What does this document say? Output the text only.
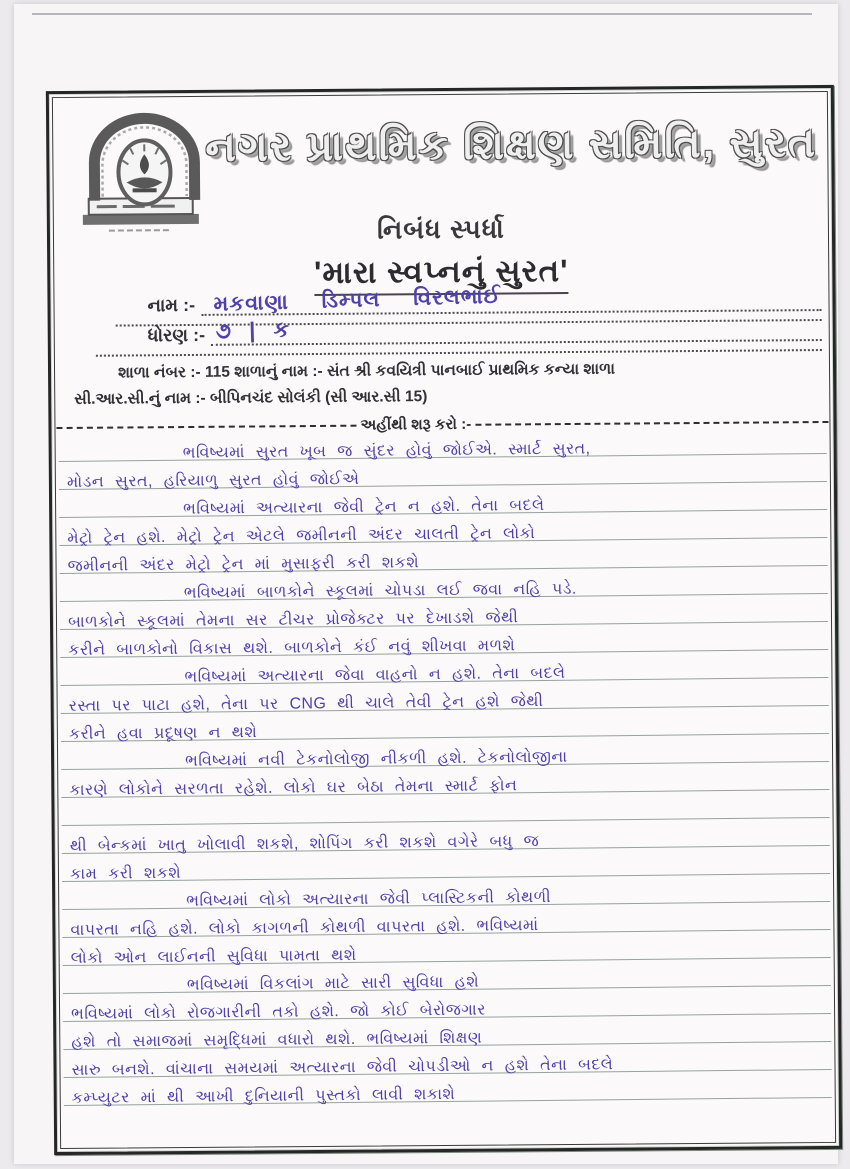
નગર પ્રાથમિક શિક્ષણ સમિતિ, સુરત
નિબંધ સ્પર્ધા
'મારા સ્વપ્નનું સુરત'
નામ :- મકવાણા ડિમ્પલ વિરલભાઈ
ધોરણ :- ૭ | ક
શાળા નંબર :- 115 શાળાનું નામ :- સંત શ્રી કવયિત્રી પાનબાઈ પ્રાથમિક કન્યા શાળા
સી.આર.સી.નું નામ :- બીપિનચંદ સોલંકી (સી આર.સી 15)
અહીંથી શરૂ કરો :-
ભવિષ્યમાં સુરત ખૂબ જ સુંદર હોવું જોઈએ. સ્માર્ટ સુરત,
મોડન સુરત, હરિયાળુ સુરત હોવું જોઈએ
ભવિષ્યમાં અત્યારના જેવી ટ્રેન ન હશે. તેના બદલે
મેટ્રો ટ્રેન હશે. મેટ્રો ટ્રેન એટલે જમીનની અંદર ચાલતી ટ્રેન લોકો
જમીનની અંદર મેટ્રો ટ્રેન માં મુસાફરી કરી શકશે
ભવિષ્યમાં બાળકોને સ્કૂલમાં ચોપડા લઈ જવા નહિ પડે.
બાળકોને સ્કૂલમાં તેમના સર ટીચર પ્રોજેક્ટર પર દેખાડશે જેથી
કરીને બાળકોનો વિકાસ થશે. બાળકોને કંઈ નવું શીખવા મળશે
ભવિષ્યમાં અત્યારના જેવા વાહનો ન હશે. તેના બદલે
રસ્તા પર પાટા હશે, તેના પર CNG થી ચાલે તેવી ટ્રેન હશે જેથી
કરીને હવા પ્રદૂષણ ન થશે
ભવિષ્યમાં નવી ટેકનોલોજી નીકળી હશે. ટેકનોલોજીના
કારણે લોકોને સરળતા રહેશે. લોકો ઘર બેઠા તેમના સ્માર્ટ ફોન
થી બેન્કમાં ખાતુ ખોલાવી શકશે, શોપિંગ કરી શકશે વગેરે બધુ જ
કામ કરી શકશે
ભવિષ્યમાં લોકો અત્યારના જેવી પ્લાસ્ટિકની કોથળી
વાપરતા નહિ હશે. લોકો કાગળની કોથળી વાપરતા હશે. ભવિષ્યમાં
લોકો ઓન લાઈનની સુવિધા પામતા થશે
ભવિષ્યમાં વિકલાંગ માટે સારી સુવિધા હશે
ભવિષ્યમાં લોકો રોજગારીની તકો હશે. જો કોઈ બેરોજગાર
હશે તો સમાજમાં સમૃદ્ધિમાં વધારો થશે. ભવિષ્યમાં શિક્ષણ
સારુ બનશે. વાંચાના સમયમાં અત્યારના જેવી ચોપડીઓ ન હશે તેના બદલે
કમ્પ્યુટર માં થી આખી દુનિયાની પુસ્તકો લાવી શકાશે
